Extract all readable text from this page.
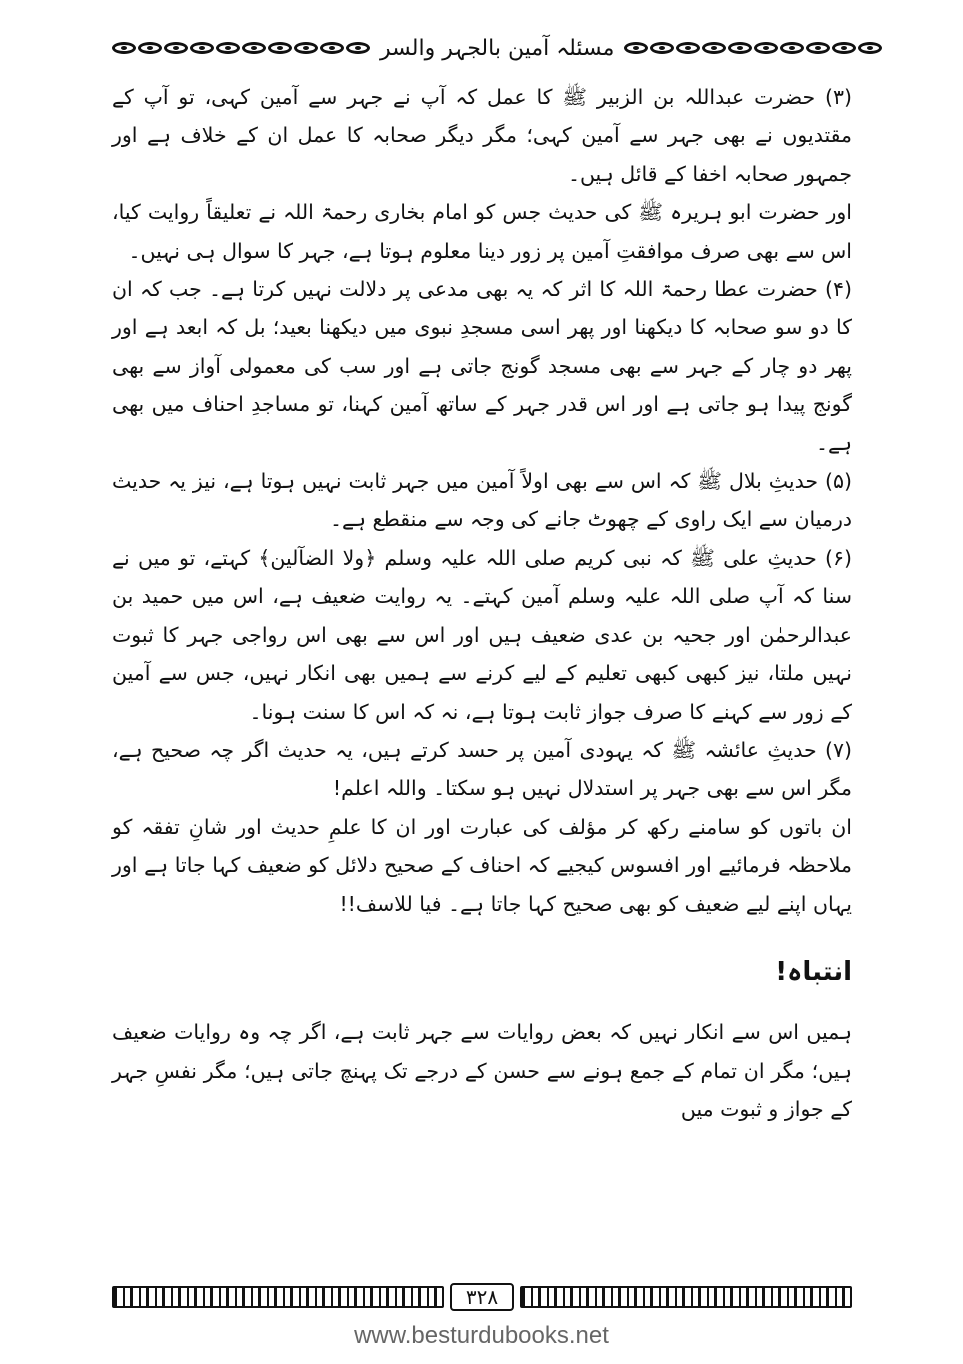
مسئلہ آمین بالجہر والسر

(۳) حضرت عبداللہ بن الزبیر ﷺ کا عمل کہ آپ نے جہر سے آمین کہی، تو آپ کے مقتدیوں نے بھی جہر سے آمین کہی؛ مگر دیگر صحابہ کا عمل ان کے خلاف ہے اور جمہور صحابہ اخفا کے قائل ہیں۔

اور حضرت ابو ہریرہ ﷺ کی حدیث جس کو امام بخاری رحمۃ اللہ نے تعلیقاً روایت کیا، اس سے بھی صرف موافقتِ آمین پر زور دینا معلوم ہوتا ہے، جہر کا سوال ہی نہیں۔

(۴) حضرت عطا رحمۃ اللہ کا اثر کہ یہ بھی مدعی پر دلالت نہیں کرتا ہے۔ جب کہ ان کا دو سو صحابہ کا دیکھنا اور پھر اسی مسجدِ نبوی میں دیکھنا بعید؛ بل کہ ابعد ہے اور پھر دو چار کے جہر سے بھی مسجد گونج جاتی ہے اور سب کی معمولی آواز سے بھی گونج پیدا ہو جاتی ہے اور اس قدر جہر کے ساتھ آمین کہنا، تو مساجدِ احناف میں بھی ہے۔

(۵) حدیثِ بلال ﷺ کہ اس سے بھی اولاً آمین میں جہر ثابت نہیں ہوتا ہے، نیز یہ حدیث درمیان سے ایک راوی کے چھوٹ جانے کی وجہ سے منقطع ہے۔

(۶) حدیثِ علی ﷺ کہ نبی کریم صلی اللہ علیہ وسلم ﴿ولا الضآلین﴾ کہتے، تو میں نے سنا کہ آپ صلی اللہ علیہ وسلم آمین کہتے۔ یہ روایت ضعیف ہے، اس میں حمید بن عبدالرحمٰن اور جحیہ بن عدی ضعیف ہیں اور اس سے بھی اس رواجی جہر کا ثبوت نہیں ملتا، نیز کبھی کبھی تعلیم کے لیے کرنے سے ہمیں بھی انکار نہیں، جس سے آمین کے زور سے کہنے کا صرف جواز ثابت ہوتا ہے، نہ کہ اس کا سنت ہونا۔

(۷) حدیثِ عائشہ ﷺ کہ یہودی آمین پر حسد کرتے ہیں، یہ حدیث اگر چہ صحیح ہے، مگر اس سے بھی جہر پر استدلال نہیں ہو سکتا۔ واللہ اعلم!

ان باتوں کو سامنے رکھ کر مؤلف کی عبارت اور ان کا علمِ حدیث اور شانِ تفقہ کو ملاحظہ فرمائیے اور افسوس کیجیے کہ احناف کے صحیح دلائل کو ضعیف کہا جاتا ہے اور یہاں اپنے لیے ضعیف کو بھی صحیح کہا جاتا ہے۔ فیا للاسف!!

انتباہ!

ہمیں اس سے انکار نہیں کہ بعض روایات سے جہر ثابت ہے، اگر چہ وہ روایات ضعیف ہیں؛ مگر ان تمام کے جمع ہونے سے حسن کے درجے تک پہنچ جاتی ہیں؛ مگر نفسِ جہر کے جواز و ثبوت میں

۳۲۸
www.besturdubooks.net
